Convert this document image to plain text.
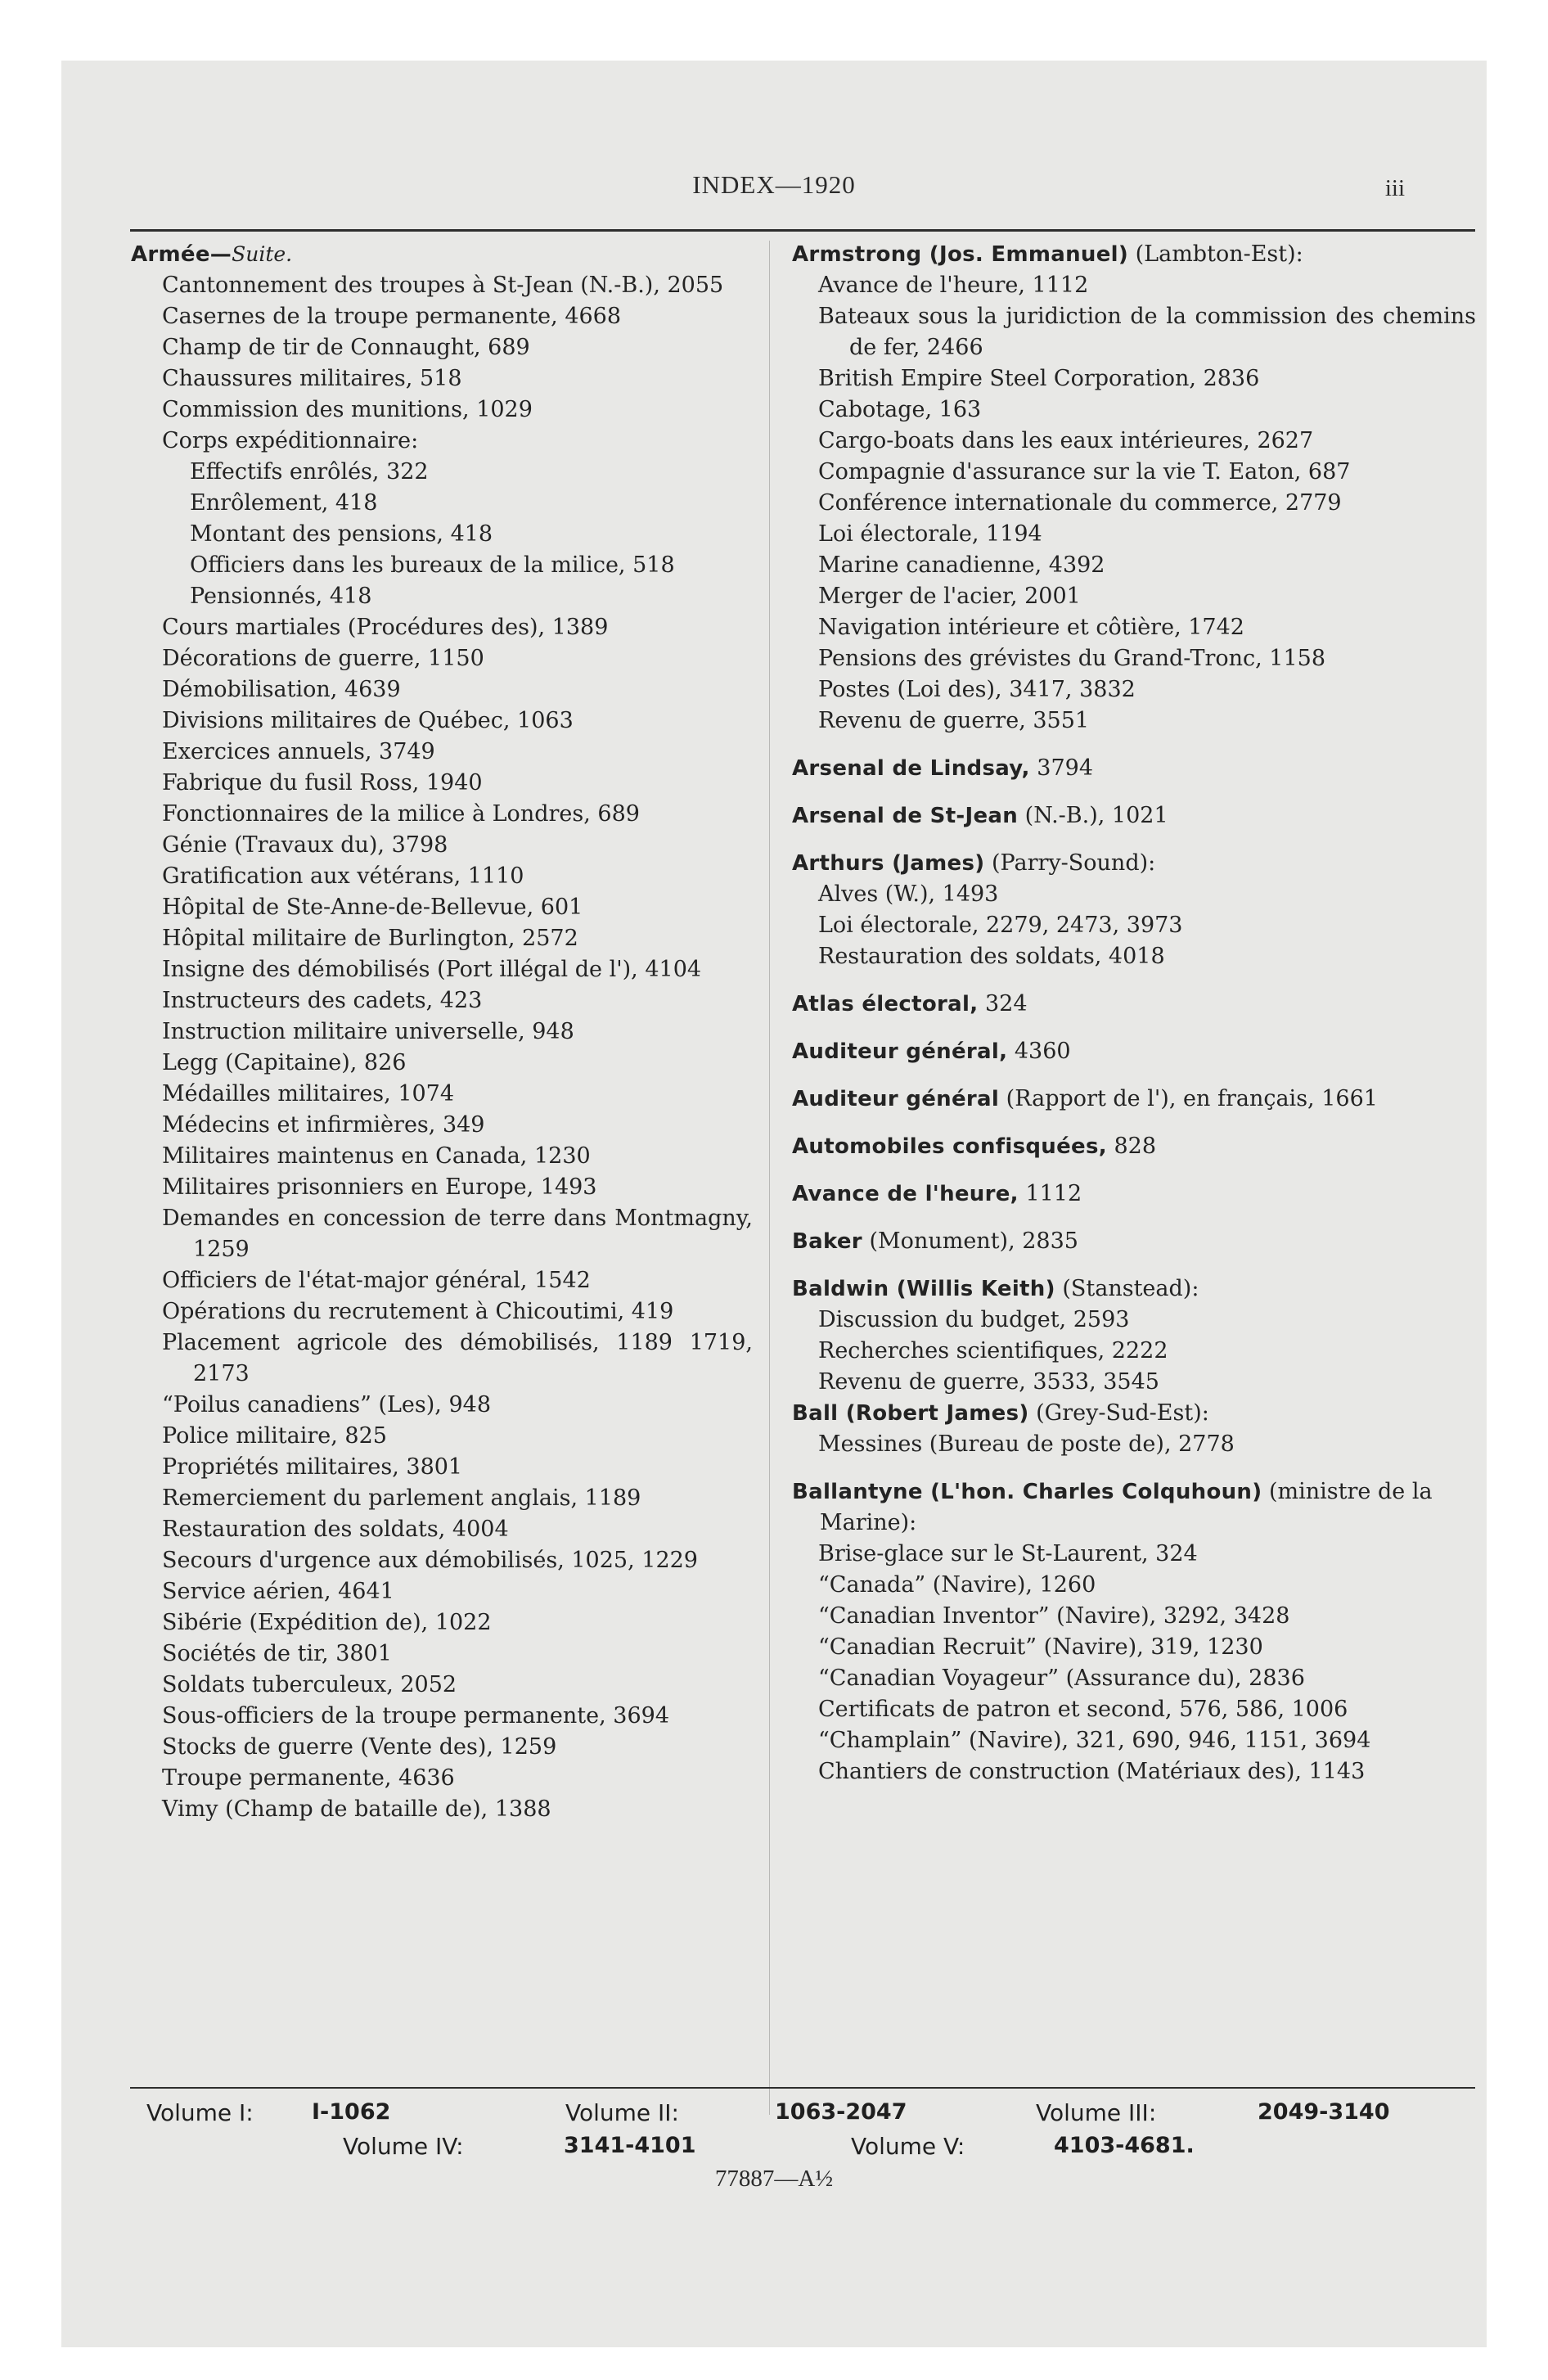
INDEX—1920	iii
Armée—Suite.
Cantonnement des troupes à St-Jean (N.-B.), 2055
Casernes de la troupe permanente, 4668
Champ de tir de Connaught, 689
Chaussures militaires, 518
Commission des munitions, 1029
Corps expéditionnaire:
Effectifs enrôlés, 322
Enrôlement, 418
Montant des pensions, 418
Officiers dans les bureaux de la milice, 518
Pensionnés, 418
Cours martiales (Procédures des), 1389
Décorations de guerre, 1150
Démobilisation, 4639
Divisions militaires de Québec, 1063
Exercices annuels, 3749
Fabrique du fusil Ross, 1940
Fonctionnaires de la milice à Londres, 689
Génie (Travaux du), 3798
Gratification aux vétérans, 1110
Hôpital de Ste-Anne-de-Bellevue, 601
Hôpital militaire de Burlington, 2572
Insigne des démobilisés (Port illégal de l'), 4104
Instructeurs des cadets, 423
Instruction militaire universelle, 948
Legg (Capitaine), 826
Médailles militaires, 1074
Médecins et infirmières, 349
Militaires maintenus en Canada, 1230
Militaires prisonniers en Europe, 1493
Demandes en concession de terre dans Montmagny, 1259
Officiers de l'état-major général, 1542
Opérations du recrutement à Chicoutimi, 419
Placement agricole des démobilisés, 1189 1719, 2173
“Poilus canadiens” (Les), 948
Police militaire, 825
Propriétés militaires, 3801
Remerciement du parlement anglais, 1189
Restauration des soldats, 4004
Secours d'urgence aux démobilisés, 1025, 1229
Service aérien, 4641
Sibérie (Expédition de), 1022
Sociétés de tir, 3801
Soldats tuberculeux, 2052
Sous-officiers de la troupe permanente, 3694
Stocks de guerre (Vente des), 1259
Troupe permanente, 4636
Vimy (Champ de bataille de), 1388
Armstrong (Jos. Emmanuel) (Lambton-Est):
Avance de l'heure, 1112
Bateaux sous la juridiction de la commission des chemins de fer, 2466
British Empire Steel Corporation, 2836
Cabotage, 163
Cargo-boats dans les eaux intérieures, 2627
Compagnie d'assurance sur la vie T. Eaton, 687
Conférence internationale du commerce, 2779
Loi électorale, 1194
Marine canadienne, 4392
Merger de l'acier, 2001
Navigation intérieure et côtière, 1742
Pensions des grévistes du Grand-Tronc, 1158
Postes (Loi des), 3417, 3832
Revenu de guerre, 3551
Arsenal de Lindsay, 3794
Arsenal de St-Jean (N.-B.), 1021
Arthurs (James) (Parry-Sound):
Alves (W.), 1493
Loi électorale, 2279, 2473, 3973
Restauration des soldats, 4018
Atlas électoral, 324
Auditeur général, 4360
Auditeur général (Rapport de l'), en français, 1661
Automobiles confisquées, 828
Avance de l'heure, 1112
Baker (Monument), 2835
Baldwin (Willis Keith) (Stanstead):
Discussion du budget, 2593
Recherches scientifiques, 2222
Revenu de guerre, 3533, 3545
Ball (Robert James) (Grey-Sud-Est):
Messines (Bureau de poste de), 2778
Ballantyne (L'hon. Charles Colquhoun) (ministre de la Marine):
Brise-glace sur le St-Laurent, 324
“Canada” (Navire), 1260
“Canadian Inventor” (Navire), 3292, 3428
“Canadian Recruit” (Navire), 319, 1230
“Canadian Voyageur” (Assurance du), 2836
Certificats de patron et second, 576, 586, 1006
“Champlain” (Navire), 321, 690, 946, 1151, 3694
Chantiers de construction (Matériaux des), 1143
Volume I:	I-1062	Volume II:	1063-2047	Volume III:	2049-3140
Volume IV:	3141-4101	Volume V:	4103-4681.
77887—A½
